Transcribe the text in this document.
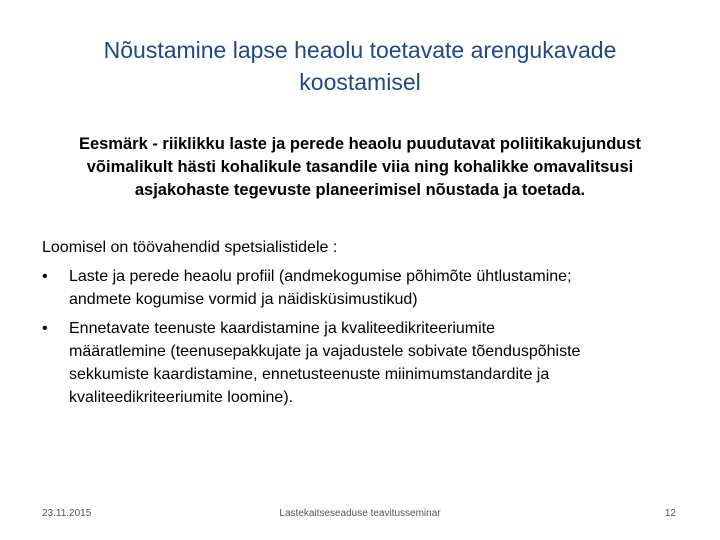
Nõustamine lapse heaolu toetavate arengukavade
koostamisel
Eesmärk - riiklikku laste ja perede heaolu puudutavat poliitikakujundust
võimalikult hästi kohalikule tasandile viia ning kohalikke omavalitsusi
asjakohaste tegevuste planeerimisel nõustada ja toetada.
Loomisel on töövahendid spetsialistidele :
•	Laste ja perede heaolu profiil (andmekogumise põhimõte ühtlustamine;
andmete kogumise vormid ja näidisküsimustikud)
•	Ennetavate teenuste kaardistamine ja kvaliteedikriteeriumite
määratlemine (teenusepakkujate ja vajadustele sobivate tõenduspõhiste
sekkumiste kaardistamine, ennetusteenuste miinimumstandardite ja
kvaliteedikriteeriumite loomine).
23.11.2015	Lastekaitseseaduse teavitusseminar	12
